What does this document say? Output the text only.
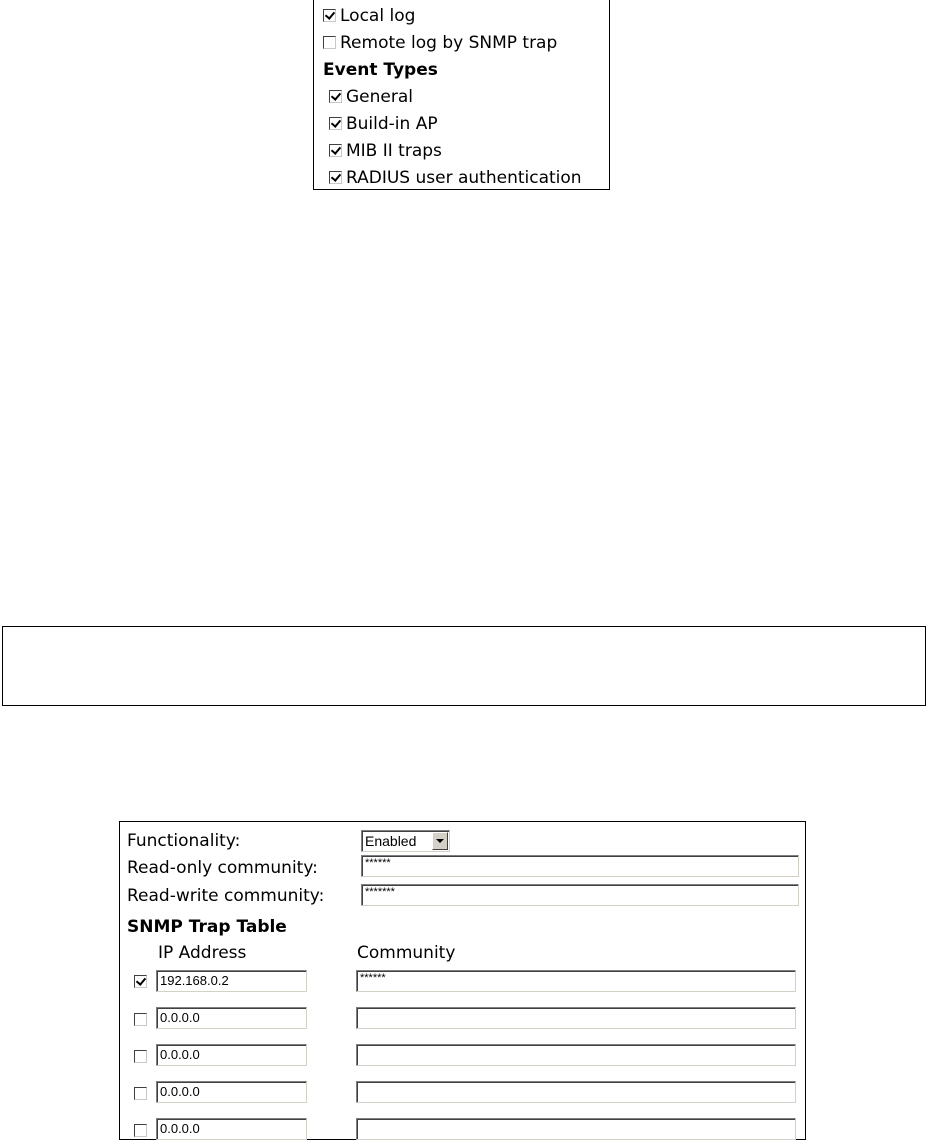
Local log
Remote log by SNMP trap
Event Types
General
Build-in AP
MIB II traps
RADIUS user authentication
Functionality:	Enabled
Read-only community:	******
Read-write community:	*******
SNMP Trap Table
IP Address	Community
192.168.0.2	******
0.0.0.0
0.0.0.0
0.0.0.0
0.0.0.0
